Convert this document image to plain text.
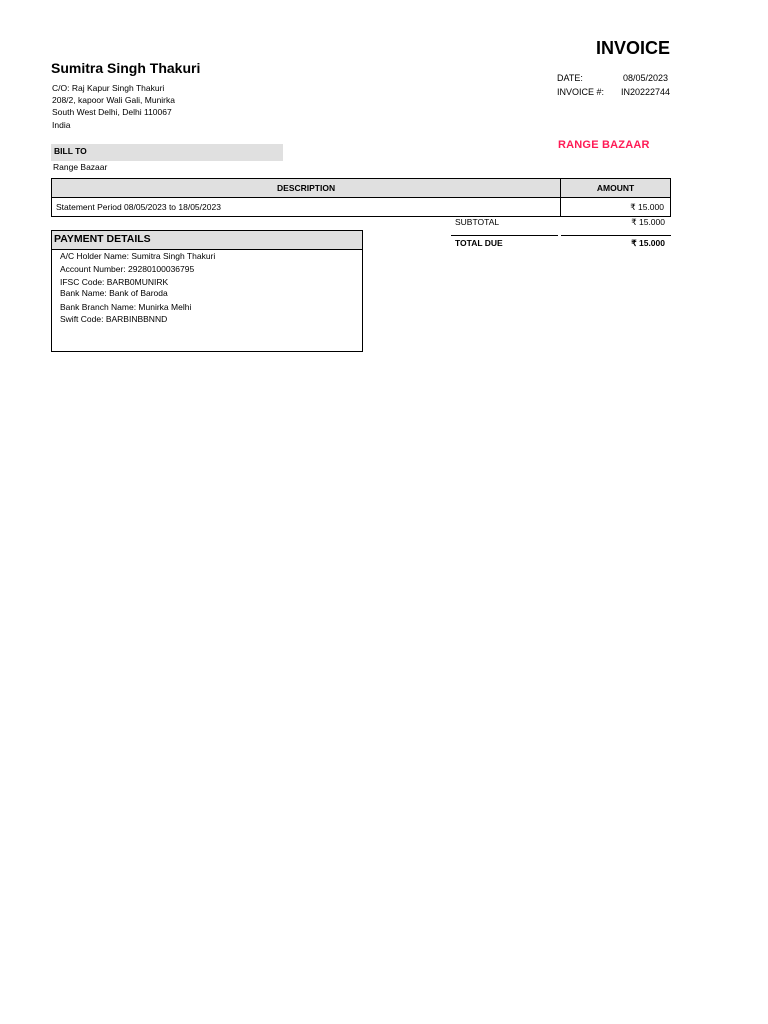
INVOICE
Sumitra Singh Thakuri
C/O: Raj Kapur Singh Thakuri
208/2, kapoor Wali Gali, Munirka
South West Delhi, Delhi 110067
India
DATE:	08/05/2023
INVOICE #:	IN20222744
RANGE BAZAAR
BILL TO
Range Bazaar
DESCRIPTION	AMOUNT
Statement Period 08/05/2023 to 18/05/2023	₹ 15.000
SUBTOTAL	₹ 15.000
TOTAL DUE	₹ 15.000
PAYMENT DETAILS
A/C Holder Name: Sumitra Singh Thakuri
Account Number: 29280100036795
IFSC Code: BARB0MUNIRK
Bank Name: Bank of Baroda
Bank Branch Name: Munirka Melhi
Swift Code: BARBINBBNND
